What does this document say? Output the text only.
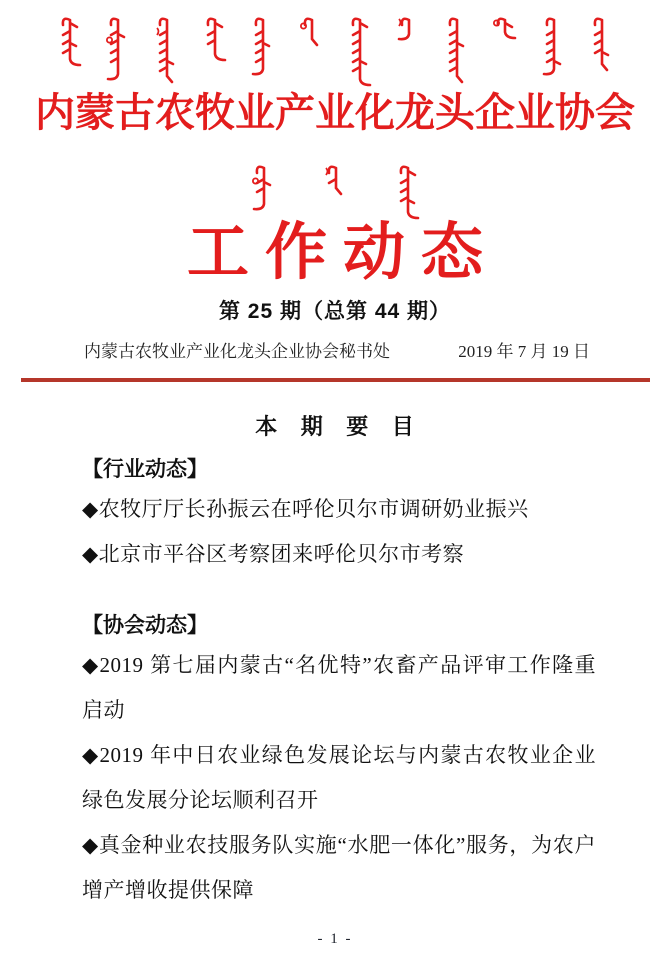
内蒙古农牧业产业化龙头企业协会
工作动态
第 25 期（总第 44 期）
内蒙古农牧业产业化龙头企业协会秘书处	2019 年 7 月 19 日
本 期 要 目
【行业动态】

◆农牧厅厅长孙振云在呼伦贝尔市调研奶业振兴

◆北京市平谷区考察团来呼伦贝尔市考察

【协会动态】

◆2019 第七届内蒙古“名优特”农畜产品评审工作隆重启动

◆2019 年中日农业绿色发展论坛与内蒙古农牧业企业绿色发展分论坛顺利召开

◆真金种业农技服务队实施“水肥一体化”服务，为农户增产增收提供保障

- 1 -
